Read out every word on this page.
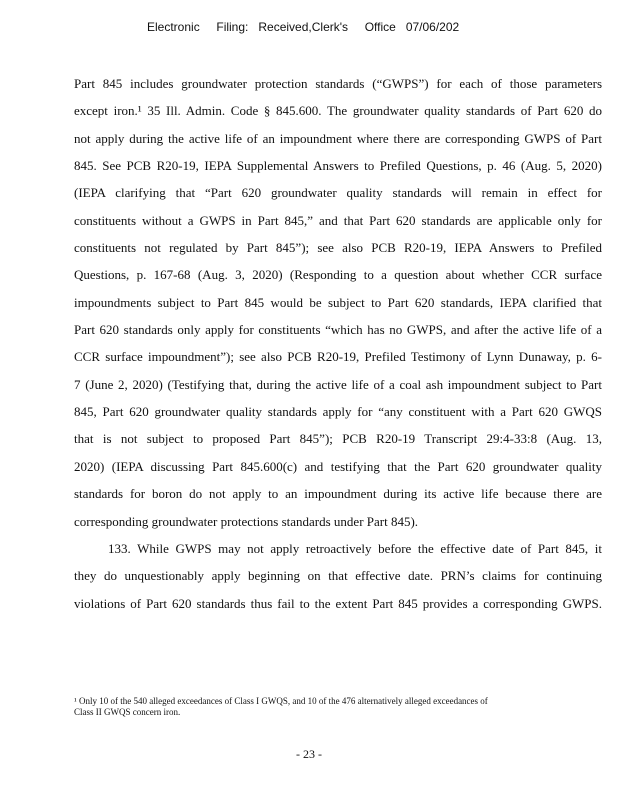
Electronic     Filing:   Received,Clerk's     Office   07/06/202
Part 845 includes groundwater protection standards (“GWPS”) for each of those parameters
except iron.¹ 35 Ill. Admin. Code § 845.600. The groundwater quality standards of Part 620 do
not apply during the active life of an impoundment where there are corresponding GWPS of Part
845. See PCB R20-19, IEPA Supplemental Answers to Prefiled Questions, p. 46 (Aug. 5, 2020)
(IEPA clarifying that “Part 620 groundwater quality standards will remain in effect for
constituents without a GWPS in Part 845,” and that Part 620 standards are applicable only for
constituents not regulated by Part 845”); see also PCB R20-19, IEPA Answers to Prefiled
Questions, p. 167-68 (Aug. 3, 2020) (Responding to a question about whether CCR surface
impoundments subject to Part 845 would be subject to Part 620 standards, IEPA clarified that
Part 620 standards only apply for constituents “which has no GWPS, and after the active life of a
CCR surface impoundment”); see also PCB R20-19, Prefiled Testimony of Lynn Dunaway, p. 6-
7 (June 2, 2020) (Testifying that, during the active life of a coal ash impoundment subject to Part
845, Part 620 groundwater quality standards apply for “any constituent with a Part 620 GWQS
that is not subject to proposed Part 845”); PCB R20-19 Transcript 29:4-33:8 (Aug. 13,
2020) (IEPA discussing Part 845.600(c) and testifying that the Part 620 groundwater quality
standards for boron do not apply to an impoundment during its active life because there are
corresponding groundwater protections standards under Part 845).
133. While GWPS may not apply retroactively before the effective date of Part 845, it
they do unquestionably apply beginning on that effective date. PRN’s claims for continuing
violations of Part 620 standards thus fail to the extent Part 845 provides a corresponding GWPS.
¹ Only 10 of the 540 alleged exceedances of Class I GWQS, and 10 of the 476 alternatively alleged exceedances of
Class II GWQS concern iron.
- 23 -
